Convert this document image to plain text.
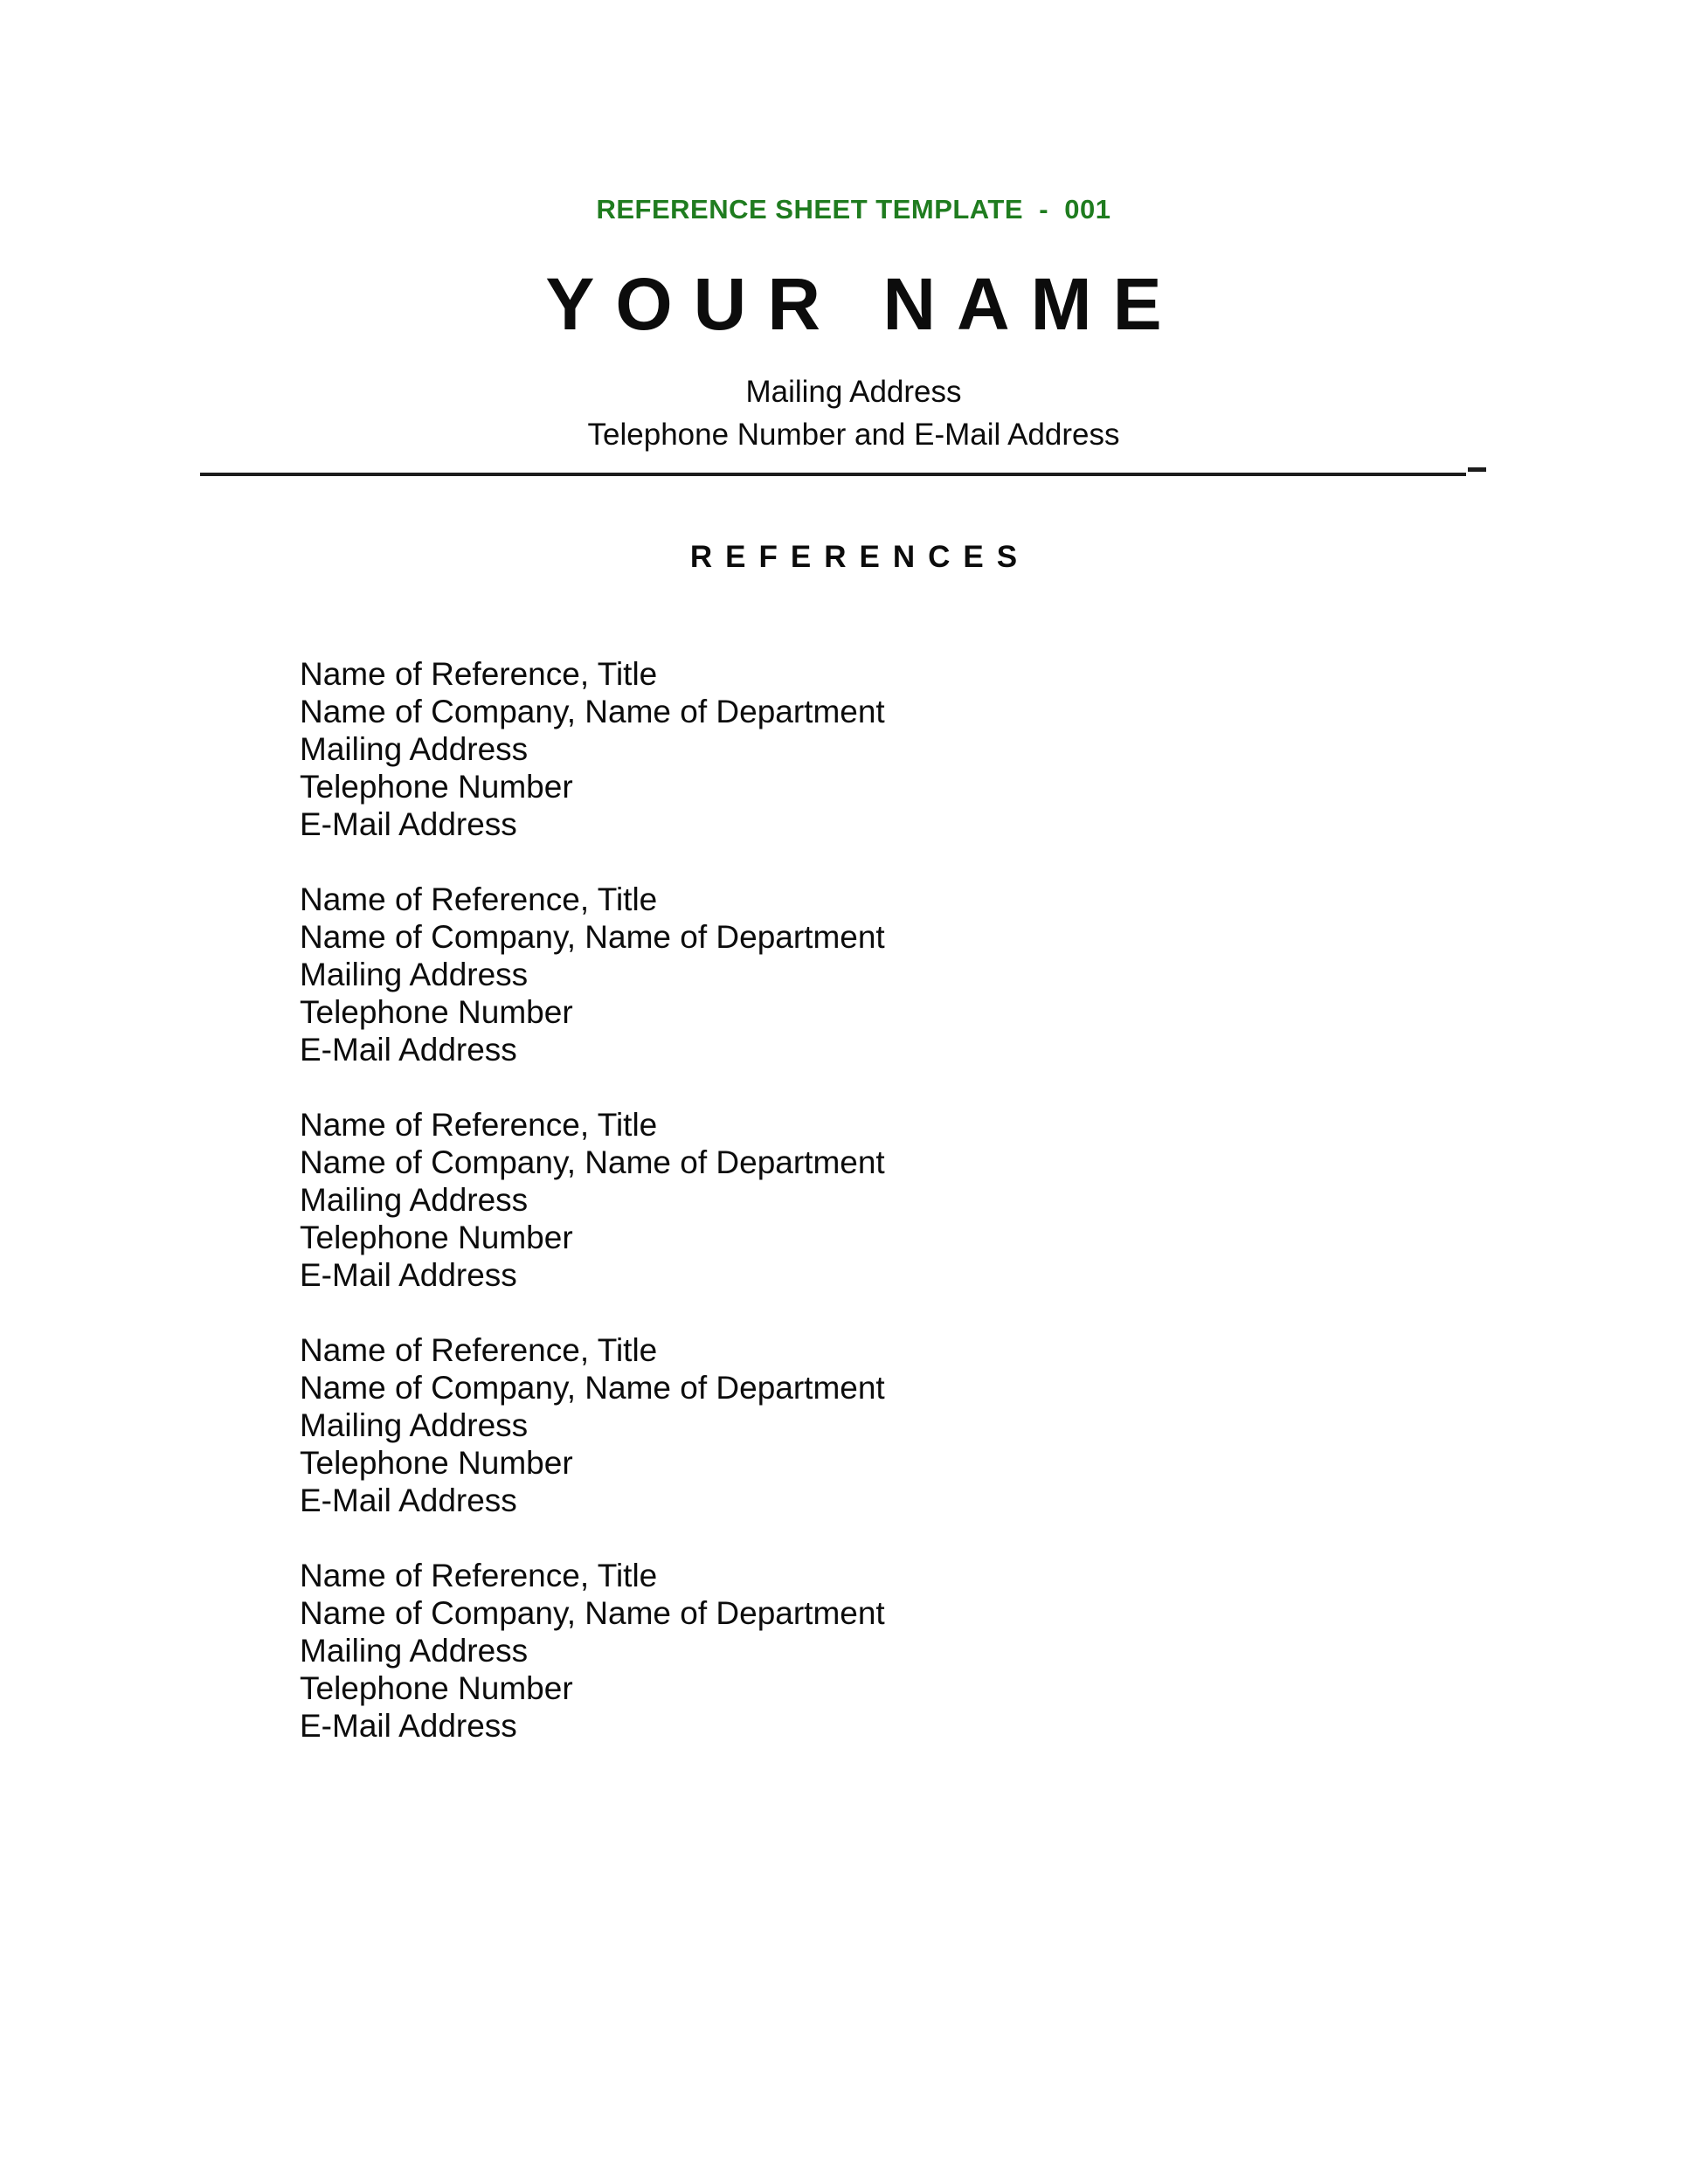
REFERENCE SHEET TEMPLATE  -  001
YOUR NAME
Mailing Address
Telephone Number and E-Mail Address
REFERENCES
Name of Reference, Title
Name of Company, Name of Department
Mailing Address
Telephone Number
E-Mail Address
Name of Reference, Title
Name of Company, Name of Department
Mailing Address
Telephone Number
E-Mail Address
Name of Reference, Title
Name of Company, Name of Department
Mailing Address
Telephone Number
E-Mail Address
Name of Reference, Title
Name of Company, Name of Department
Mailing Address
Telephone Number
E-Mail Address
Name of Reference, Title
Name of Company, Name of Department
Mailing Address
Telephone Number
E-Mail Address
